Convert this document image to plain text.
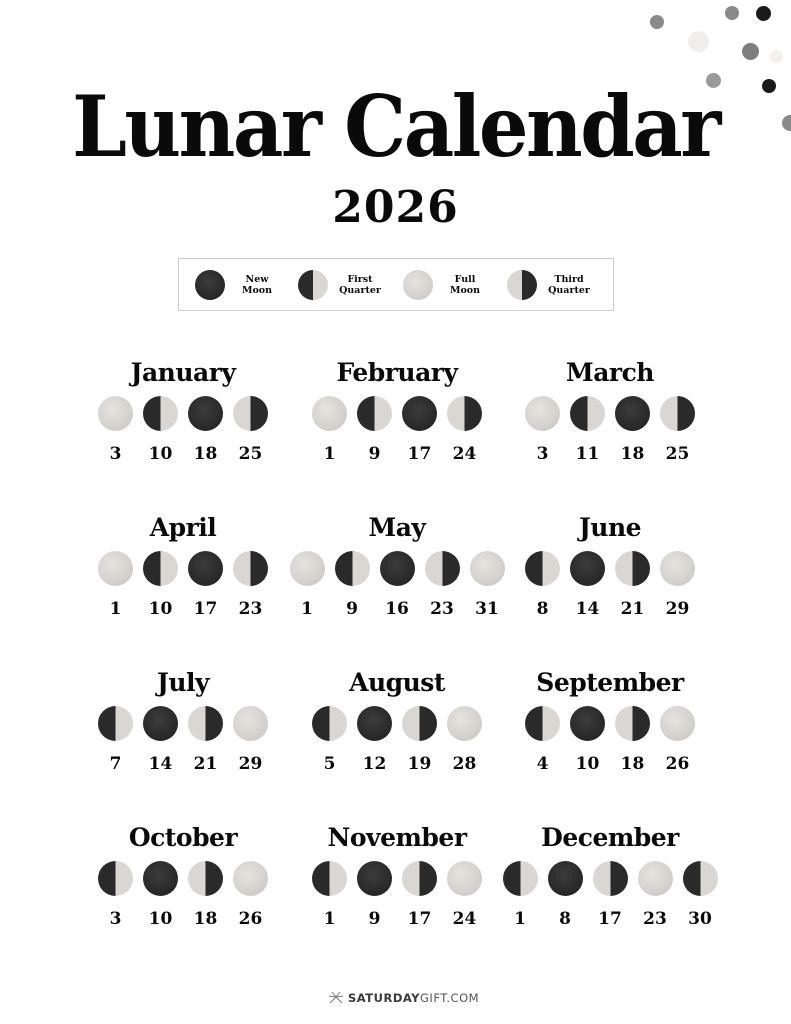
Lunar Calendar
2026
New
Moon
First
Quarter
Full
Moon
Third
Quarter
January
3 10 18 25
February
1 9 17 24
March
3 11 18 25
April
1 10 17 23
May
1 9 16 23 31
June
8 14 21 29
July
7 14 21 29
August
5 12 19 28
September
4 10 18 26
October
3 10 18 26
November
1 9 17 24
December
1 8 17 23 30
SATURDAYGIFT.COM
